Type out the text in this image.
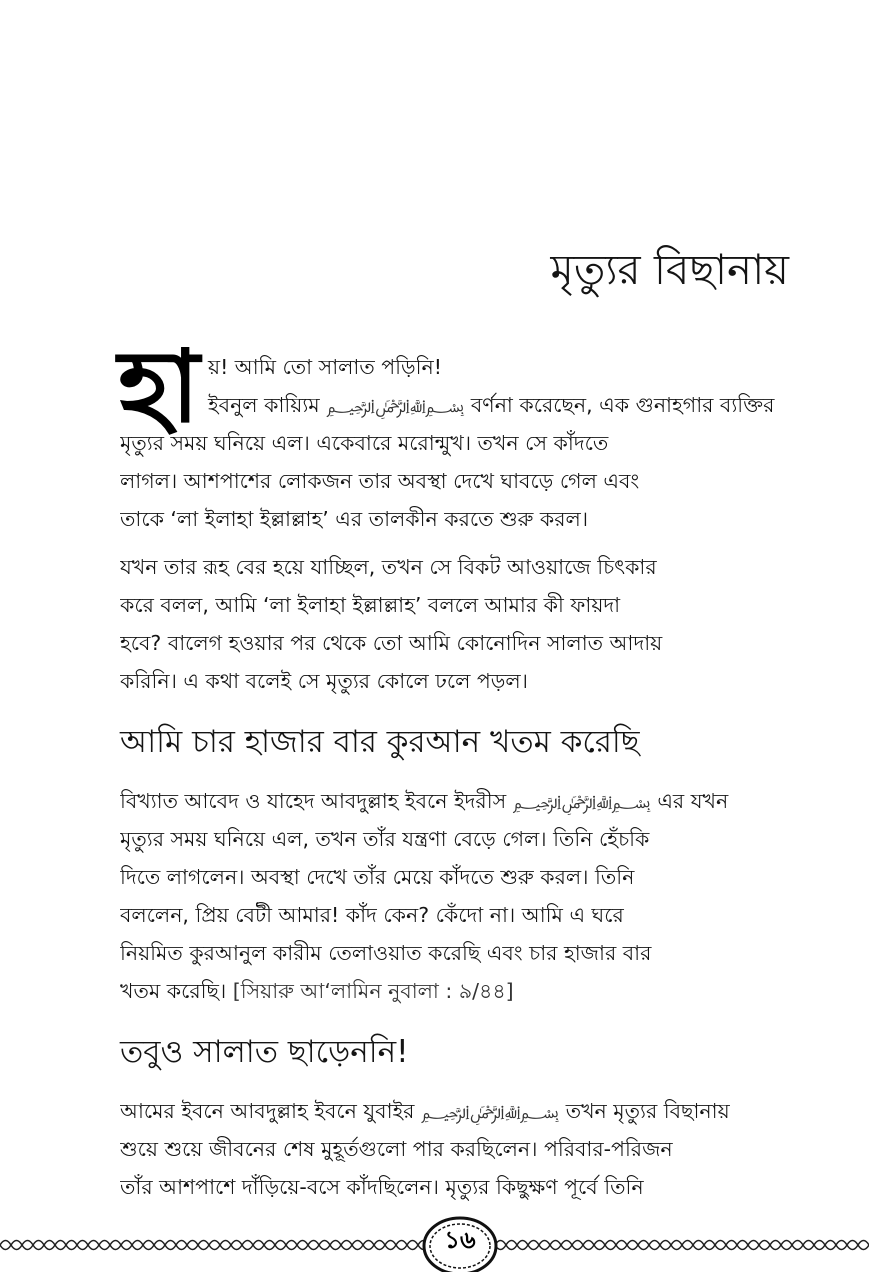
মৃত্যুর বিছানায়
হা য়! আমি তো সালাত পড়িনি!
ইবনুল কায়্যিম ﷽ বর্ণনা করেছেন, এক গুনাহগার ব্যক্তির
মৃত্যুর সময় ঘনিয়ে এল। একেবারে মরোন্মুখ। তখন সে কাঁদতে
লাগল। আশপাশের লোকজন তার অবস্থা দেখে ঘাবড়ে গেল এবং
তাকে ‘লা ইলাহা ইল্লাল্লাহ’ এর তালকীন করতে শুরু করল।
যখন তার রূহ বের হয়ে যাচ্ছিল, তখন সে বিকট আওয়াজে চিৎকার
করে বলল, আমি ‘লা ইলাহা ইল্লাল্লাহ’ বললে আমার কী ফায়দা
হবে? বালেগ হওয়ার পর থেকে তো আমি কোনোদিন সালাত আদায়
করিনি। এ কথা বলেই সে মৃত্যুর কোলে ঢলে পড়ল।
আমি চার হাজার বার কুরআন খতম করেছি
বিখ্যাত আবেদ ও যাহেদ আবদুল্লাহ ইবনে ইদরীস ﷽ এর যখন
মৃত্যুর সময় ঘনিয়ে এল, তখন তাঁর যন্ত্রণা বেড়ে গেল। তিনি হেঁচকি
দিতে লাগলেন। অবস্থা দেখে তাঁর মেয়ে কাঁদতে শুরু করল। তিনি
বললেন, প্রিয় বেটী আমার! কাঁদ কেন? কেঁদো না। আমি এ ঘরে
নিয়মিত কুরআনুল কারীম তেলাওয়াত করেছি এবং চার হাজার বার
খতম করেছি। [সিয়ারু আ‘লামিন নুবালা : ৯/৪৪]
তবুও সালাত ছাড়েননি!
আমের ইবনে আবদুল্লাহ ইবনে যুবাইর ﷽ তখন মৃত্যুর বিছানায়
শুয়ে শুয়ে জীবনের শেষ মুহূর্তগুলো পার করছিলেন। পরিবার-পরিজন
তাঁর আশপাশে দাঁড়িয়ে-বসে কাঁদছিলেন। মৃত্যুর কিছুক্ষণ পূর্বে তিনি
১৬
